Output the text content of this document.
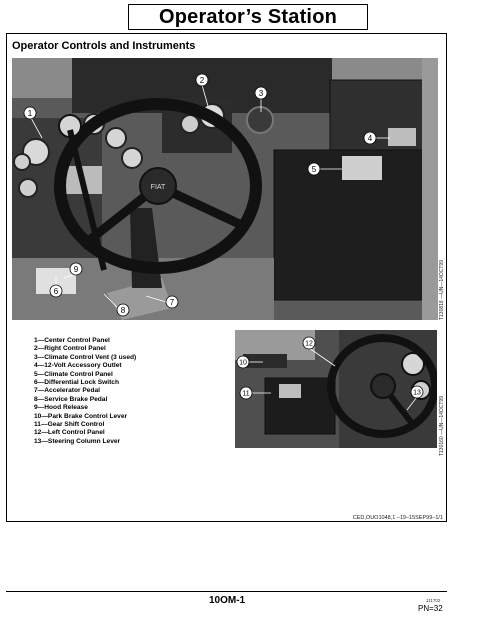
Operator’s Station
Operator Controls and Instruments
FIAT
1
2
3
4
5
6
7
8
9	T130818 —UN—14OCT99
10
11
12
13
T130160 —UN—14OCT99
1—Center Control Panel
2—Right Control Panel
3—Climate Control Vent (3 used)
4—12-Volt Accessory Outlet
5—Climate Control Panel
6—Differential Lock Switch
7—Accelerator Pedal
8—Service Brake Pedal
9—Hood Release
10—Park Brake Control Lever
11—Gear Shift Control
12—Left Control Panel
13—Steering Column Lever
CED,OUO1048,1 –19–15SEP99–1/1
10OM-1	111702
PN=32
